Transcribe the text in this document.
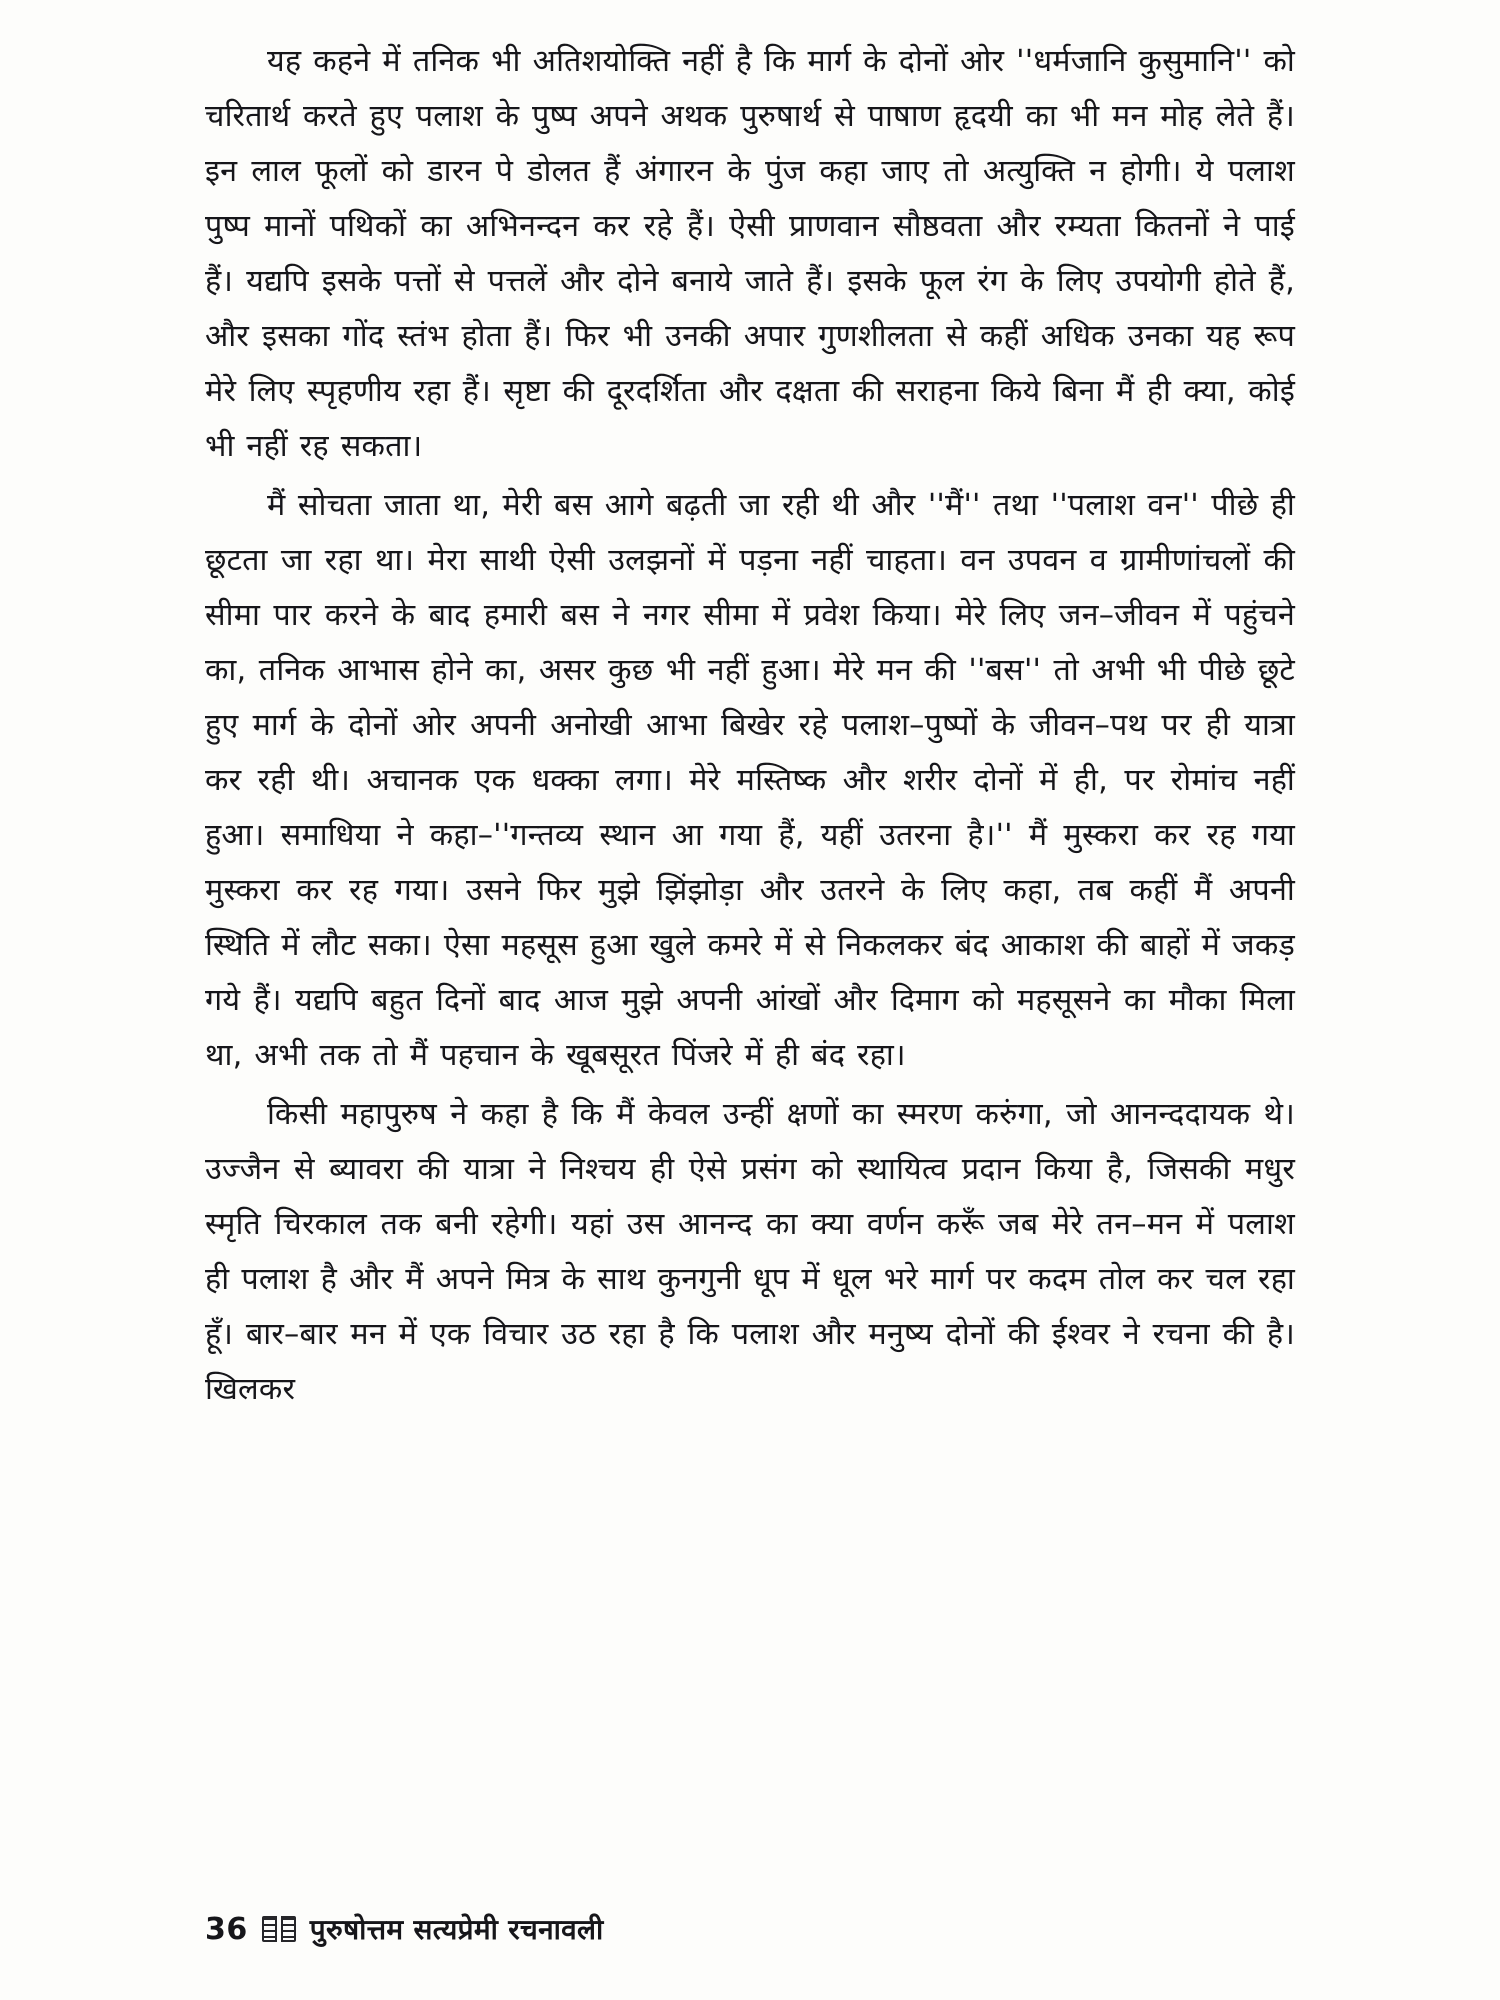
यह कहने में तनिक भी अतिशयोक्ति नहीं है कि मार्ग के दोनों ओर ''धर्मजानि कुसुमानि'' को चरितार्थ करते हुए पलाश के पुष्प अपने अथक पुरुषार्थ से पाषाण हृदयी का भी मन मोह लेते हैं। इन लाल फूलों को डारन पे डोलत हैं अंगारन के पुंज कहा जाए तो अत्युक्ति न होगी। ये पलाश पुष्प मानों पथिकों का अभिनन्दन कर रहे हैं। ऐसी प्राणवान सौष्ठवता और रम्यता कितनों ने पाई हैं। यद्यपि इसके पत्तों से पत्तलें और दोने बनाये जाते हैं। इसके फूल रंग के लिए उपयोगी होते हैं, और इसका गोंद स्तंभ होता हैं। फिर भी उनकी अपार गुणशीलता से कहीं अधिक उनका यह रूप मेरे लिए स्पृहणीय रहा हैं। सृष्टा की दूरदर्शिता और दक्षता की सराहना किये बिना मैं ही क्या, कोई भी नहीं रह सकता।

मैं सोचता जाता था, मेरी बस आगे बढ़ती जा रही थी और ''मैं'' तथा ''पलाश वन'' पीछे ही छूटता जा रहा था। मेरा साथी ऐसी उलझनों में पड़ना नहीं चाहता। वन उपवन व ग्रामीणांचलों की सीमा पार करने के बाद हमारी बस ने नगर सीमा में प्रवेश किया। मेरे लिए जन–जीवन में पहुंचने का, तनिक आभास होने का, असर कुछ भी नहीं हुआ। मेरे मन की ''बस'' तो अभी भी पीछे छूटे हुए मार्ग के दोनों ओर अपनी अनोखी आभा बिखेर रहे पलाश–पुष्पों के जीवन–पथ पर ही यात्रा कर रही थी। अचानक एक धक्का लगा। मेरे मस्तिष्क और शरीर दोनों में ही, पर रोमांच नहीं हुआ। समाधिया ने कहा–''गन्तव्य स्थान आ गया हैं, यहीं उतरना है।'' मैं मुस्करा कर रह गया मुस्करा कर रह गया। उसने फिर मुझे झिंझोड़ा और उतरने के लिए कहा, तब कहीं मैं अपनी स्थिति में लौट सका। ऐसा महसूस हुआ खुले कमरे में से निकलकर बंद आकाश की बाहों में जकड़ गये हैं। यद्यपि बहुत दिनों बाद आज मुझे अपनी आंखों और दिमाग को महसूसने का मौका मिला था, अभी तक तो मैं पहचान के खूबसूरत पिंजरे में ही बंद रहा।

किसी महापुरुष ने कहा है कि मैं केवल उन्हीं क्षणों का स्मरण करुंगा, जो आनन्ददायक थे। उज्जैन से ब्यावरा की यात्रा ने निश्चय ही ऐसे प्रसंग को स्थायित्व प्रदान किया है, जिसकी मधुर स्मृति चिरकाल तक बनी रहेगी। यहां उस आनन्द का क्या वर्णन करूँ जब मेरे तन–मन में पलाश ही पलाश है और मैं अपने मित्र के साथ कुनगुनी धूप में धूल भरे मार्ग पर कदम तोल कर चल रहा हूँ। बार–बार मन में एक विचार उठ रहा है कि पलाश और मनुष्य दोनों की ईश्वर ने रचना की है। खिलकर

36 पुरुषोत्तम सत्यप्रेमी रचनावली
